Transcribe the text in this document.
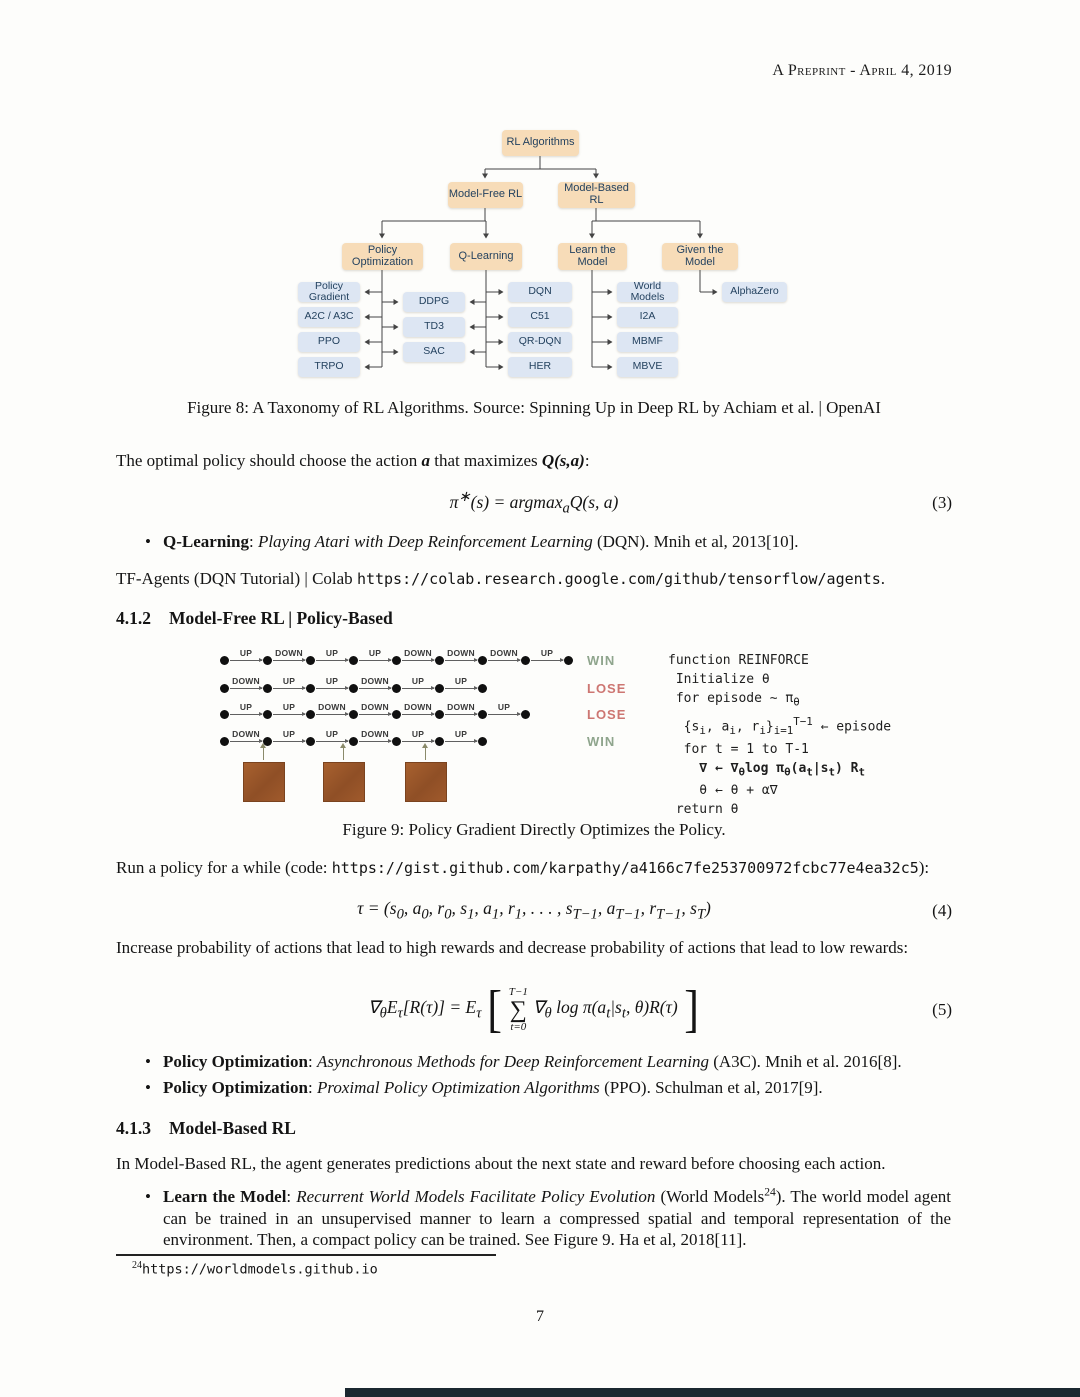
A Preprint - April 4, 2019
RL Algorithms
Model-Free RL	Model-Based RL
Policy Optimization	Q-Learning	Learn the Model
Given the Model
Policy Gradient
A2C / A3C
PPO
TRPO
DDPG
TD3
SAC
DQN
C51
QR-DQN
HER
World Models
I2A
MBMF
MBVE
AlphaZero
Figure 8: A Taxonomy of RL Algorithms. Source: Spinning Up in Deep RL by Achiam et al. | OpenAI
The optimal policy should choose the action a that maximizes Q(s,a):
π∗(s) = argmax$_a$Q(s, a)	(3)
• Q-Learning: Playing Atari with Deep Reinforcement Learning (DQN). Mnih et al, 2013[10].
TF-Agents (DQN Tutorial) | Colab https://colab.research.google.com/github/tensorflow/agents.
4.1.2 Model-Free RL | Policy-Based
UP	DOWN	UP	UP	DOWN DOWN DOWN	UP	WIN
DOWN	UP	UP	DOWN	UP	UP	LOSE
UP	UP	DOWN DOWN DOWN DOWN	UP	LOSE
DOWN	UP	UP	DOWN	UP	UP	WIN
function REINFORCE
Initialize θ
for episode ∼ $\pi_\theta$
{$s_i$, $a_i$, $r_i\}_{i=1}^{T-1}$ ← episode
for t = 1 to T-1
∇ ← $\nabla_\theta\log$ $\pi_\theta(a_t|s_t)$ $R_t$
θ ← θ + α∇
return θ
Figure 9: Policy Gradient Directly Optimizes the Policy.
Run a policy for a while (code: https://gist.github.com/karpathy/a4166c7fe253700972fcbc77e4ea32c5):
$\tau = (s_0$, $a_0$, $r_0$, $s_1$, $a_1$, $r_1$, . . . , $s_{T-1}$, $a_{T-1}$, $r_{T-1}$, $s_T$)	(4)
Increase probability of actions that lead to high rewards and decrease probability of actions that lead to low rewards:
$\nabla_\theta E_\tau[R(\tau)] = E_\tau$ [ T−1
∑
t=0
$\nabla_\theta$ $\log \pi(a_t|s_t$, θ)R(τ) ]	(5)
• Policy Optimization: Asynchronous Methods for Deep Reinforcement Learning (A3C). Mnih et al. 2016[8].
• Policy Optimization: Proximal Policy Optimization Algorithms (PPO). Schulman et al, 2017[9].
4.1.3 Model-Based RL
In Model-Based RL, the agent generates predictions about the next state and reward before choosing each action.
• Learn the Model: Recurrent World Models Facilitate Policy Evolution (World Models$^{24}$). The world model agent can be trained in an unsupervised manner to learn a compressed spatial and temporal representation of the environment. Then, a compact policy can be trained. See Figure 9. Ha et al, 2018[11].
$^{24}$https://worldmodels.github.io
7
